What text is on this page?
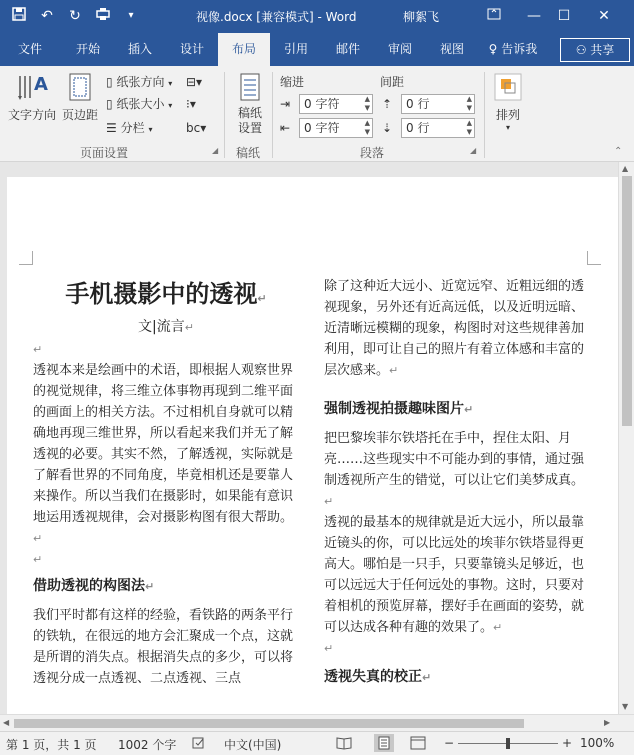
↶	↻	▾	视像.docx [兼容模式] - Word	柳絮飞	—	☐	✕
文件	开始	插入	设计	布局	引用	邮件	审阅	视图	♀ 告诉我	⚇ 共享
A
文字方向 页边距
▯ 纸张方向 ▾
▯ 纸张大小 ▾
☰ 分栏 ▾
⊟▾
⁝▾
bc▾
页面设置	◢
稿纸设置
稿纸
缩进	间距
⇥	0 字符	▲
▼
⇤	0 字符	▲
▼
⇡	0 行	▲
▼
⇣	0 行	▲
▼
段落	◢
排列
▾
⌃

手机摄影中的透视↵

文|流言↵

↵

透视本来是绘画中的术语，即根据人观察世界的视觉规律，将三维立体事物再现到二维平面的画面上的相关方法。不过相机自身就可以精确地再现三维世界，所以看起来我们并无了解透视的必要。其实不然，了解透视，实际就是了解看世界的不同角度，毕竟相机还是要靠人来操作。所以当我们在摄影时，如果能有意识地运用透视规律，会对摄影构图有很大帮助。↵

↵

借助透视的构图法↵

我们平时都有这样的经验，看铁路的两条平行的铁轨，在很远的地方会汇聚成一个点，这就是所谓的消失点。根据消失点的多少，可以将透视分成一点透视、二点透视、三点

除了这种近大远小、近宽远窄、近粗远细的透视现象，另外还有近高远低，以及近明远暗、近清晰远模糊的现象，构图时对这些规律善加利用，即可让自己的照片有着立体感和丰富的层次感来。↵

强制透视拍摄趣味图片↵

把巴黎埃菲尔铁塔托在手中，捏住太阳、月亮……这些现实中不可能办到的事情，通过强制透视所产生的错觉，可以让它们美梦成真。↵

透视的最基本的规律就是近大远小，所以最靠近镜头的你，可以比远处的埃菲尔铁塔显得更高大。哪怕是一只手，只要靠镜头足够近，也可以远远大于任何远处的事物。这时，只要对着相机的预览屏幕，摆好手在画面的姿势，就可以达成各种有趣的效果了。↵

↵

透视失真的校正↵

▲
▼
◀	▶
第 1 页，共 1 页 1002 个字	中文(中国)	−	+ 100%
